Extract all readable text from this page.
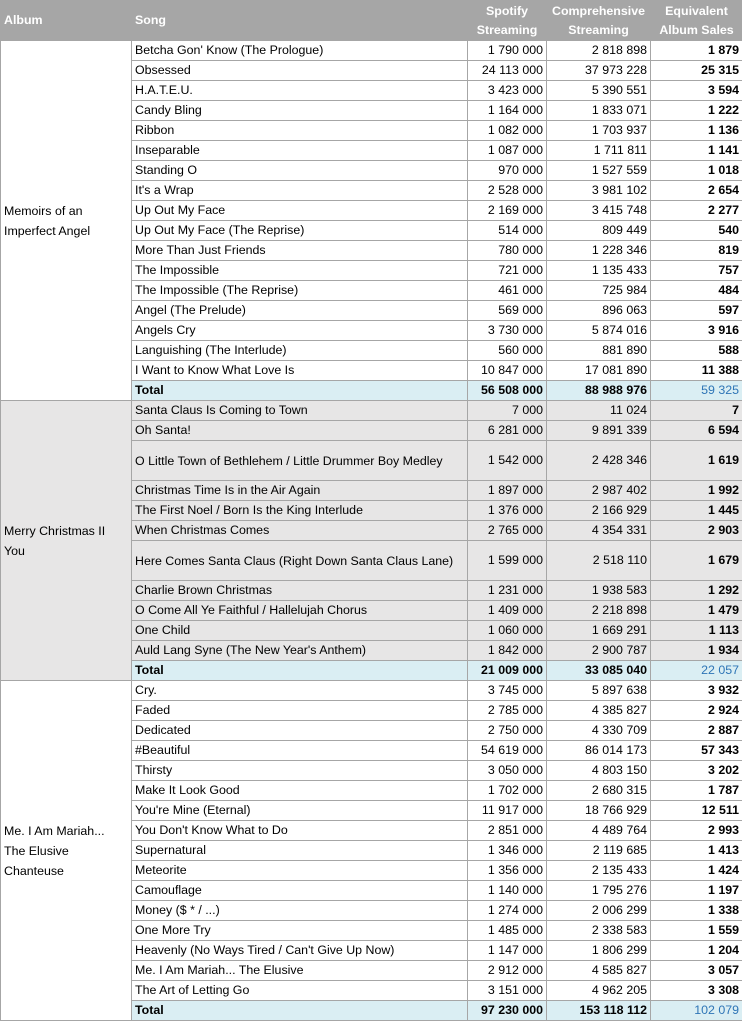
Album	Song	Spotify Streaming	Comprehensive Streaming	Equivalent Album Sales
Memoirs of an Imperfect Angel	Betcha Gon' Know (The Prologue)	1 790 000	2 818 898	1 879
	Obsessed	24 113 000	37 973 228	25 315
	H.A.T.E.U.	3 423 000	5 390 551	3 594
	Candy Bling	1 164 000	1 833 071	1 222
	Ribbon	1 082 000	1 703 937	1 136
	Inseparable	1 087 000	1 711 811	1 141
	Standing O	970 000	1 527 559	1 018
	It's a Wrap	2 528 000	3 981 102	2 654
	Up Out My Face	2 169 000	3 415 748	2 277
	Up Out My Face (The Reprise)	514 000	809 449	540
	More Than Just Friends	780 000	1 228 346	819
	The Impossible	721 000	1 135 433	757
	The Impossible (The Reprise)	461 000	725 984	484
	Angel (The Prelude)	569 000	896 063	597
	Angels Cry	3 730 000	5 874 016	3 916
	Languishing (The Interlude)	560 000	881 890	588
	I Want to Know What Love Is	10 847 000	17 081 890	11 388
	Total	56 508 000	88 988 976	59 325
Merry Christmas II You	Santa Claus Is Coming to Town	7 000	11 024	7
	Oh Santa!	6 281 000	9 891 339	6 594
	O Little Town of Bethlehem / Little Drummer Boy Medley	1 542 000	2 428 346	1 619
	Christmas Time Is in the Air Again	1 897 000	2 987 402	1 992
	The First Noel / Born Is the King Interlude	1 376 000	2 166 929	1 445
	When Christmas Comes	2 765 000	4 354 331	2 903
	Here Comes Santa Claus (Right Down Santa Claus Lane)	1 599 000	2 518 110	1 679
	Charlie Brown Christmas	1 231 000	1 938 583	1 292
	O Come All Ye Faithful / Hallelujah Chorus	1 409 000	2 218 898	1 479
	One Child	1 060 000	1 669 291	1 113
	Auld Lang Syne (The New Year's Anthem)	1 842 000	2 900 787	1 934
	Total	21 009 000	33 085 040	22 057
Me. I Am Mariah... The Elusive Chanteuse	Cry.	3 745 000	5 897 638	3 932
	Faded	2 785 000	4 385 827	2 924
	Dedicated	2 750 000	4 330 709	2 887
	#Beautiful	54 619 000	86 014 173	57 343
	Thirsty	3 050 000	4 803 150	3 202
	Make It Look Good	1 702 000	2 680 315	1 787
	You're Mine (Eternal)	11 917 000	18 766 929	12 511
	You Don't Know What to Do	2 851 000	4 489 764	2 993
	Supernatural	1 346 000	2 119 685	1 413
	Meteorite	1 356 000	2 135 433	1 424
	Camouflage	1 140 000	1 795 276	1 197
	Money ($ * / ...)	1 274 000	2 006 299	1 338
	One More Try	1 485 000	2 338 583	1 559
	Heavenly (No Ways Tired / Can't Give Up Now)	1 147 000	1 806 299	1 204
	Me. I Am Mariah... The Elusive	2 912 000	4 585 827	3 057
	The Art of Letting Go	3 151 000	4 962 205	3 308
	Total	97 230 000	153 118 112	102 079
